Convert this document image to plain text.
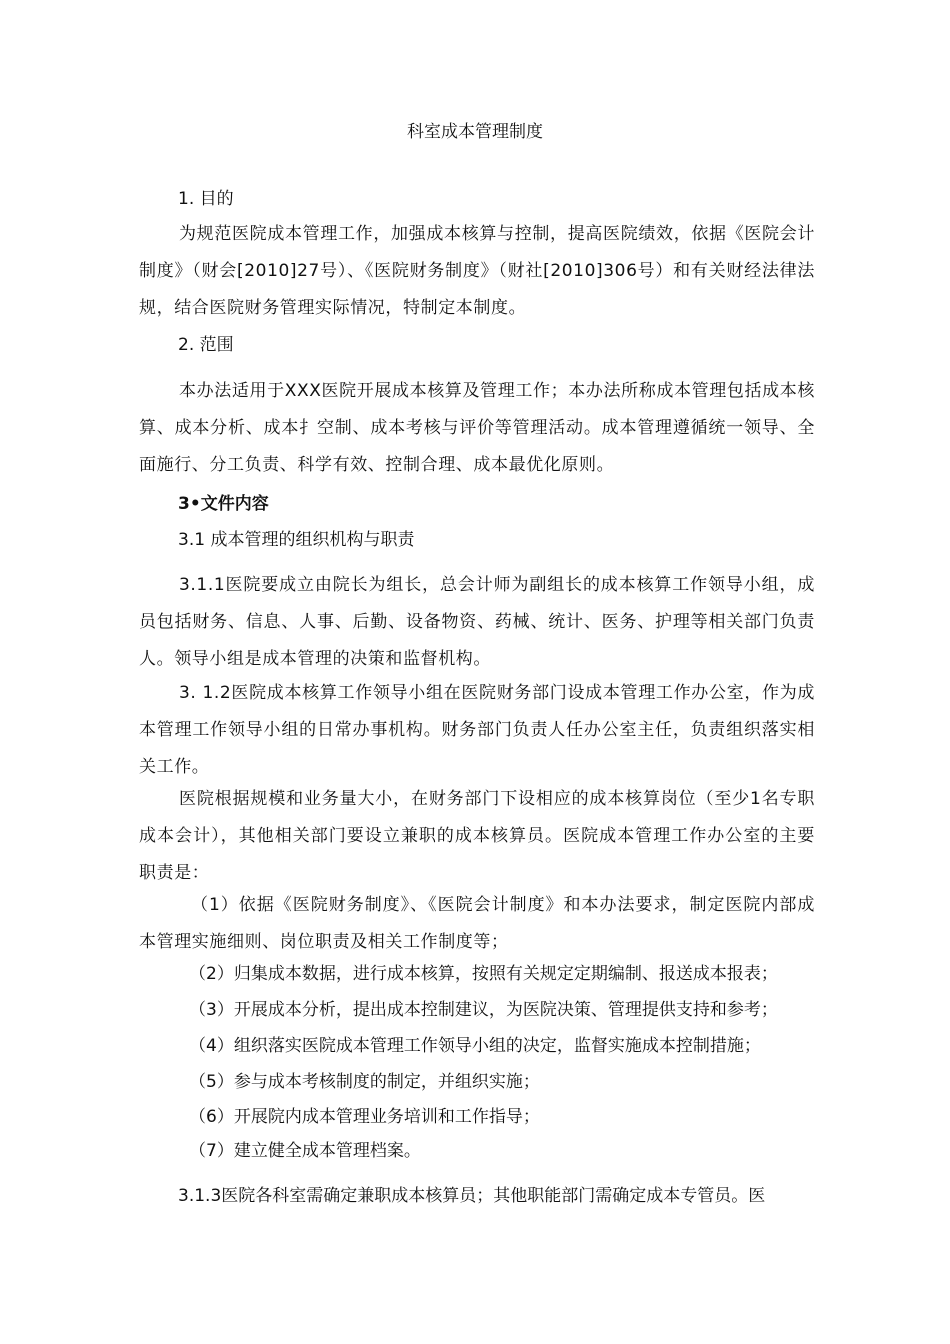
科室成本管理制度
1. 目的
为规范医院成本管理工作，加强成本核算与控制，提高医院绩效，依据《医院会计制度》（财会[2010]27号）、《医院财务制度》（财社[2010]306号）和有关财经法律法规，结合医院财务管理实际情况，特制定本制度。
2. 范围
本办法适用于XXX医院开展成本核算及管理工作；本办法所称成本管理包括成本核算、成本分析、成本扌空制、成本考核与评价等管理活动。成本管理遵循统一领导、全面施行、分工负责、科学有效、控制合理、成本最优化原则。
3•文件内容
3.1 成本管理的组织机构与职责
3.1.1医院要成立由院长为组长，总会计师为副组长的成本核算工作领导小组，成员包括财务、信息、人事、后勤、设备物资、药械、统计、医务、护理等相关部门负责人。领导小组是成本管理的决策和监督机构。
3. 1.2医院成本核算工作领导小组在医院财务部门设成本管理工作办公室，作为成本管理工作领导小组的日常办事机构。财务部门负责人任办公室主任，负责组织落实相关工作。
医院根据规模和业务量大小，在财务部门下设相应的成本核算岗位（至少1名专职成本会计），其他相关部门要设立兼职的成本核算员。医院成本管理工作办公室的主要职责是：
（1）依据《医院财务制度》、《医院会计制度》和本办法要求，制定医院内部成本管理实施细则、岗位职责及相关工作制度等；
（2）归集成本数据，进行成本核算，按照有关规定定期编制、报送成本报表；
（3）开展成本分析，提出成本控制建议，为医院决策、管理提供支持和参考；
（4）组织落实医院成本管理工作领导小组的决定，监督实施成本控制措施；
（5）参与成本考核制度的制定，并组织实施；
（6）开展院内成本管理业务培训和工作指导；
（7）建立健全成本管理档案。
3.1.3医院各科室需确定兼职成本核算员；其他职能部门需确定成本专管员。医
